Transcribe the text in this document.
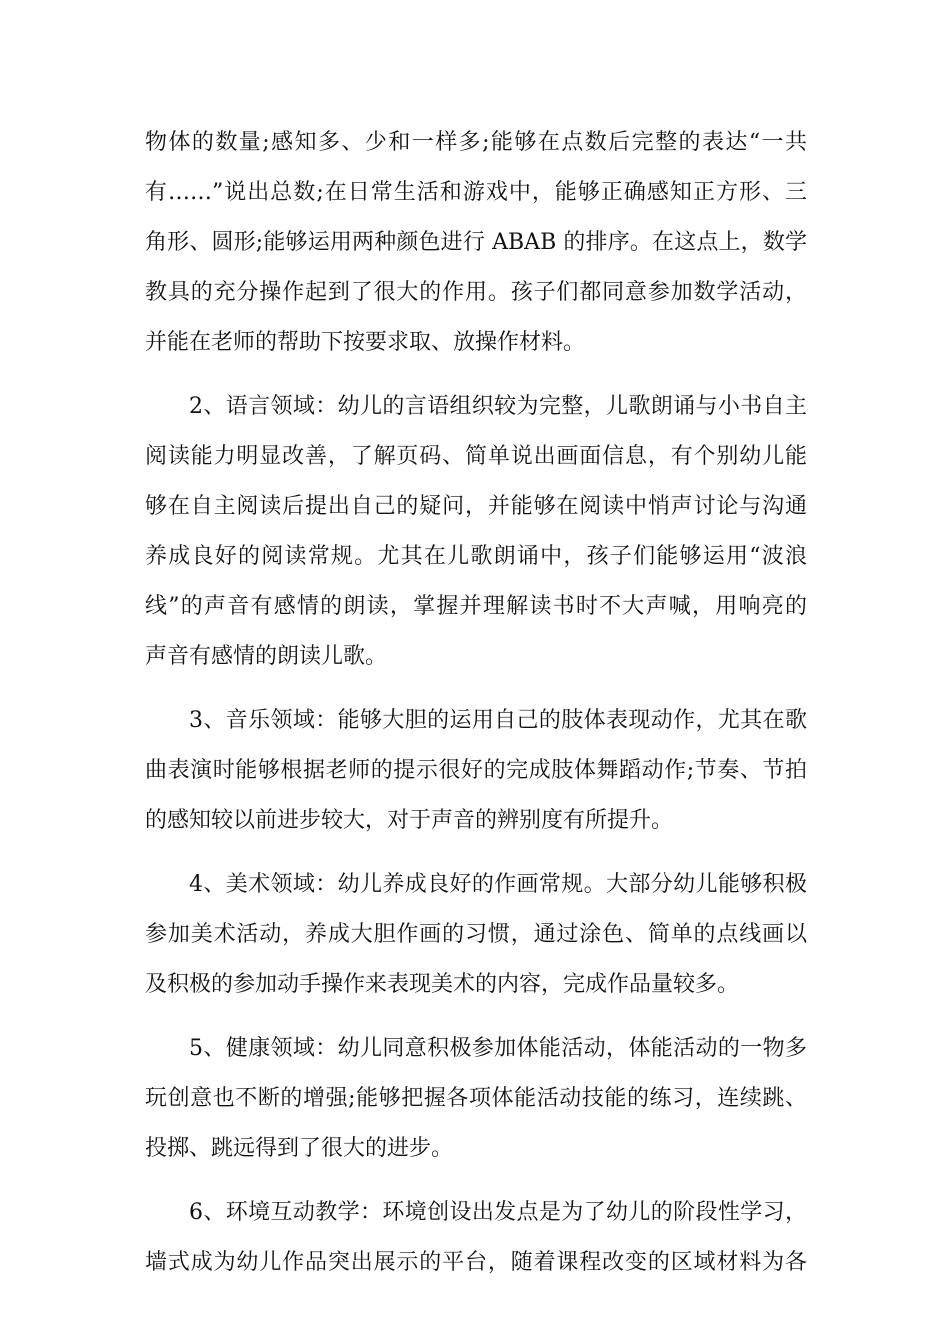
物体的数量;感知多、少和一样多;能够在点数后完整的表达“一共
有……”说出总数;在日常生活和游戏中，能够正确感知正方形、三
角形、圆形;能够运用两种颜色进行 ABAB 的排序。在这点上，数学
教具的充分操作起到了很大的作用。孩子们都同意参加数学活动，
并能在老师的帮助下按要求取、放操作材料。
2、语言领域：幼儿的言语组织较为完整，儿歌朗诵与小书自主
阅读能力明显改善，了解页码、简单说出画面信息，有个别幼儿能
够在自主阅读后提出自己的疑问，并能够在阅读中悄声讨论与沟通
养成良好的阅读常规。尤其在儿歌朗诵中，孩子们能够运用“波浪
线”的声音有感情的朗读，掌握并理解读书时不大声喊，用响亮的
声音有感情的朗读儿歌。
3、音乐领域：能够大胆的运用自己的肢体表现动作，尤其在歌
曲表演时能够根据老师的提示很好的完成肢体舞蹈动作;节奏、节拍
的感知较以前进步较大，对于声音的辨别度有所提升。
4、美术领域：幼儿养成良好的作画常规。大部分幼儿能够积极
参加美术活动，养成大胆作画的习惯，通过涂色、简单的点线画以
及积极的参加动手操作来表现美术的内容，完成作品量较多。
5、健康领域：幼儿同意积极参加体能活动，体能活动的一物多
玩创意也不断的增强;能够把握各项体能活动技能的练习，连续跳、
投掷、跳远得到了很大的进步。
6、环境互动教学：环境创设出发点是为了幼儿的阶段性学习，
墙式成为幼儿作品突出展示的平台，随着课程改变的区域材料为各
